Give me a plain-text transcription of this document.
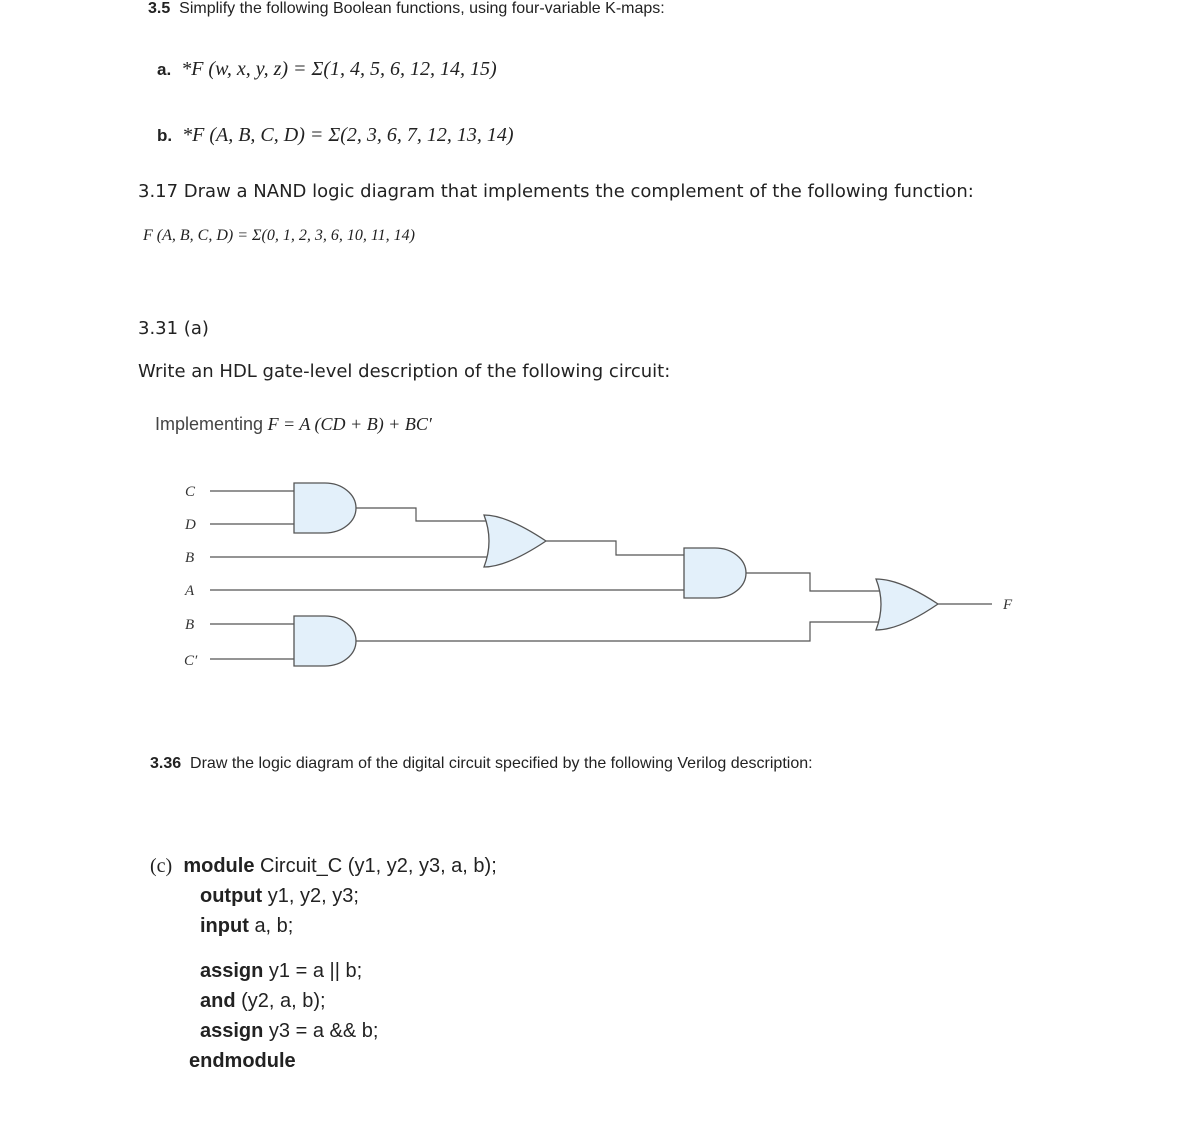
3.5 Simplify the following Boolean functions, using four-variable K-maps:
a. *F (w, x, y, z) = Σ(1, 4, 5, 6, 12, 14, 15)
b. *F (A, B, C, D) = Σ(2, 3, 6, 7, 12, 13, 14)
3.17 Draw a NAND logic diagram that implements the complement of the following function:
F (A, B, C, D) = Σ(0, 1, 2, 3, 6, 10, 11, 14)
3.31 (a)
Write an HDL gate-level description of the following circuit:
Implementing F = A (CD + B) + BC′
C
D
B
A
B
C′
F
3.36 Draw the logic diagram of the digital circuit specified by the following Verilog description:
(c) module Circuit_C (y1, y2, y3, a, b);
output y1, y2, y3;
input a, b;
assign y1 = a || b;
and (y2, a, b);
assign y3 = a && b;
endmodule
